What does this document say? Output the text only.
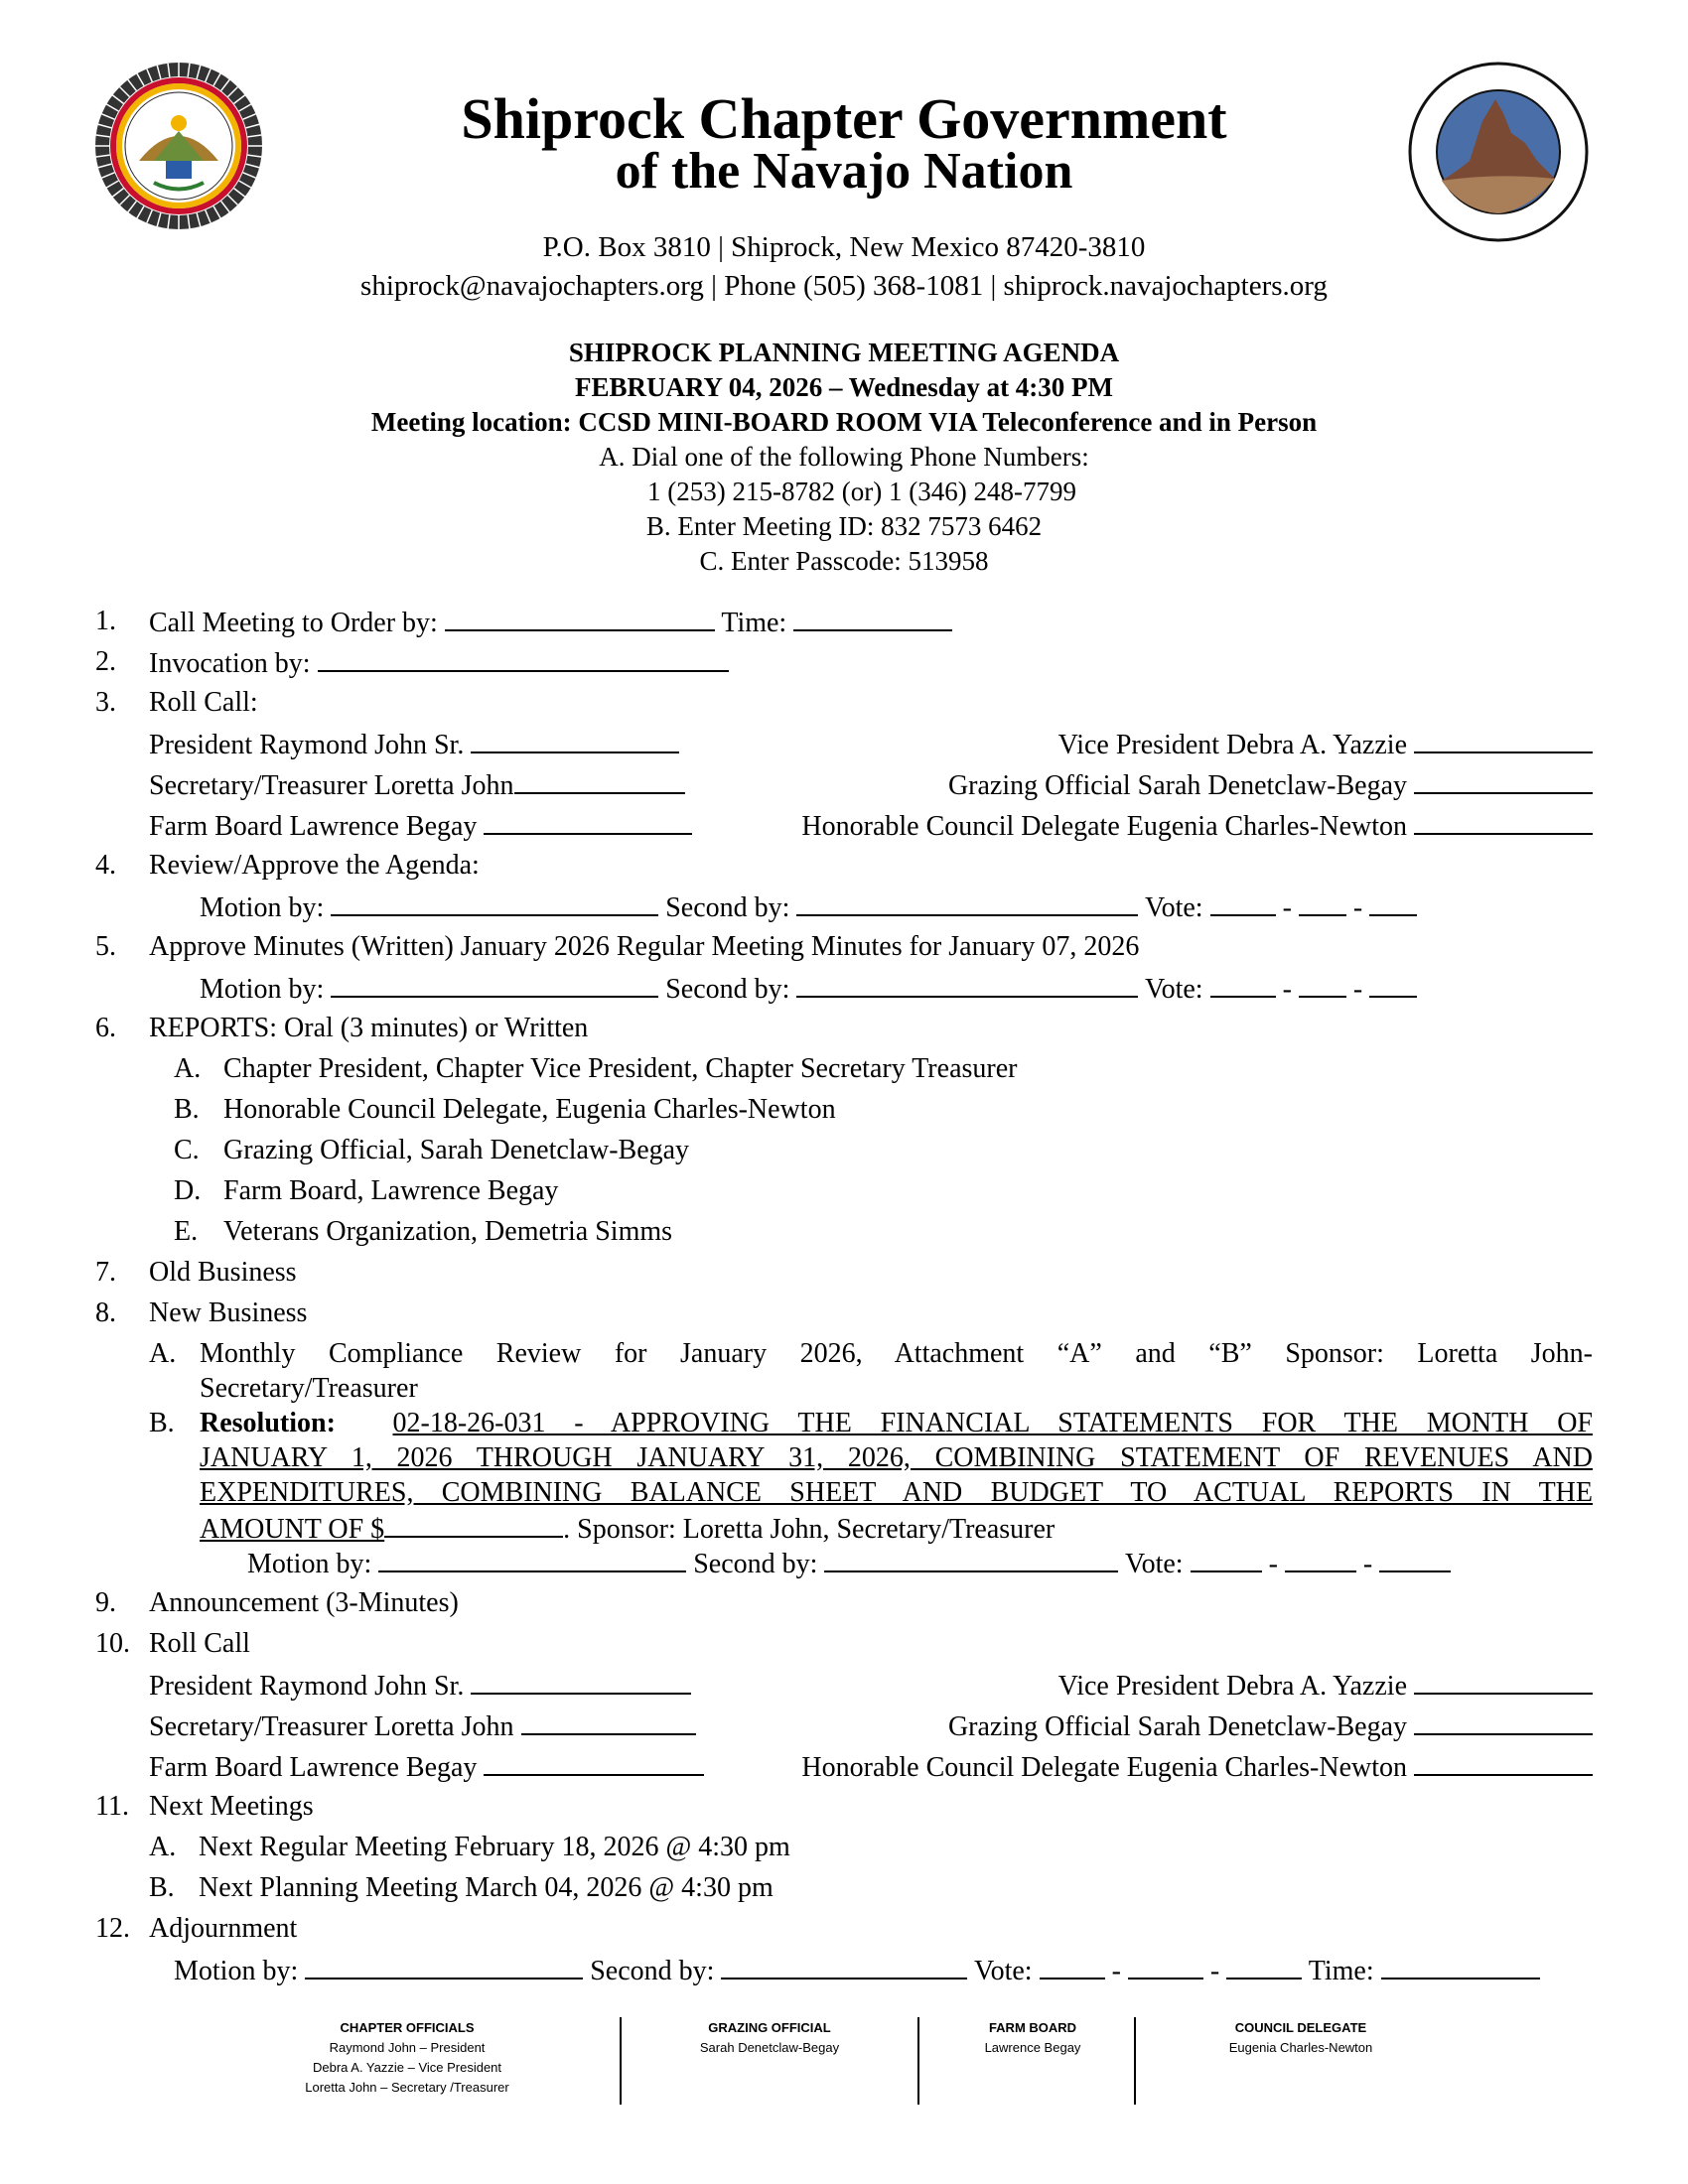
Shiprock Chapter Government
of the Navajo Nation
P.O. Box 3810 | Shiprock, New Mexico 87420-3810
shiprock@navajochapters.org | Phone (505) 368-1081 | shiprock.navajochapters.org
SHIPROCK PLANNING MEETING AGENDA
FEBRUARY 04, 2026 – Wednesday at 4:30 PM
Meeting location: CCSD MINI-BOARD ROOM VIA Teleconference and in Person
A. Dial one of the following Phone Numbers:
1 (253) 215-8782 (or) 1 (346) 248-7799
B. Enter Meeting ID: 832 7573 6462
C. Enter Passcode: 513958
1.	Call Meeting to Order by:	Time:
2.	Invocation by:
3.	Roll Call:
President Raymond John Sr.	Vice President Debra A. Yazzie
Secretary/Treasurer Loretta John	Grazing Official Sarah Denetclaw-Begay
Farm Board Lawrence Begay	Honorable Council Delegate Eugenia Charles-Newton
4.	Review/Approve the Agenda:
Motion by:	Second by:	Vote:	- -
5.	Approve Minutes (Written) January 2026 Regular Meeting Minutes for January 07, 2026
Motion by:	Second by:	Vote:	- -
6.	REPORTS: Oral (3 minutes) or Written
A. Chapter President, Chapter Vice President, Chapter Secretary Treasurer
B. Honorable Council Delegate, Eugenia Charles-Newton
C. Grazing Official, Sarah Denetclaw-Begay
D. Farm Board, Lawrence Begay
E. Veterans Organization, Demetria Simms
7.	Old Business
8.	New Business
A. Monthly Compliance Review for January 2026, Attachment “A” and “B” Sponsor: Loretta John-
Secretary/Treasurer
B. Resolution: 02-18-26-031 - APPROVING THE FINANCIAL STATEMENTS FOR THE MONTH OF
JANUARY 1, 2026 THROUGH JANUARY 31, 2026, COMBINING STATEMENT OF REVENUES AND
EXPENDITURES, COMBINING BALANCE SHEET AND BUDGET TO ACTUAL REPORTS IN THE
AMOUNT OF $	. Sponsor: Loretta John, Secretary/Treasurer
Motion by:	Second by:	Vote:	-	-
9.	Announcement (3-Minutes)
10. Roll Call
President Raymond John Sr.	Vice President Debra A. Yazzie
Secretary/Treasurer Loretta John	Grazing Official Sarah Denetclaw-Begay
Farm Board Lawrence Begay	Honorable Council Delegate Eugenia Charles-Newton
11. Next Meetings
A. Next Regular Meeting February 18, 2026 @ 4:30 pm
B. Next Planning Meeting March 04, 2026 @ 4:30 pm
12. Adjournment
Motion by:	Second by:	Vote:	-	-	Time:
CHAPTER OFFICIALS
Raymond John – President
Debra A. Yazzie – Vice President
Loretta John – Secretary /Treasurer
GRAZING OFFICIAL
Sarah Denetclaw-Begay
FARM BOARD
Lawrence Begay
COUNCIL DELEGATE
Eugenia Charles-Newton
